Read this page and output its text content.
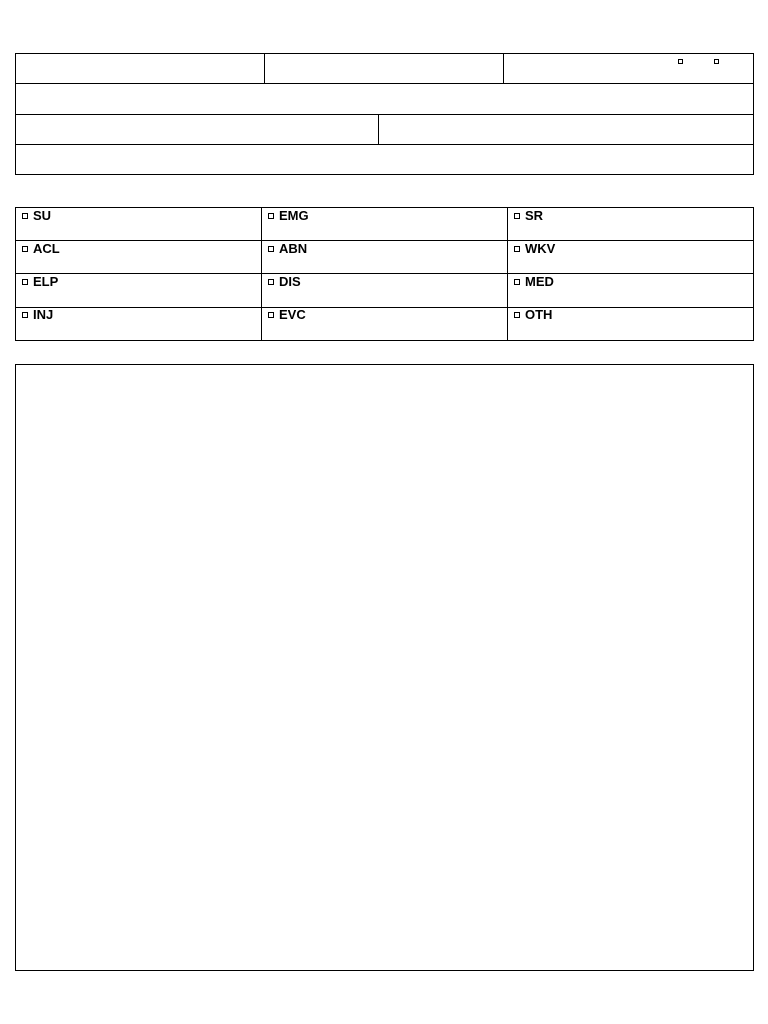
SU	EMG	SR
ACL	ABN	WKV
ELP	DIS	MED
INJ	EVC	OTH
